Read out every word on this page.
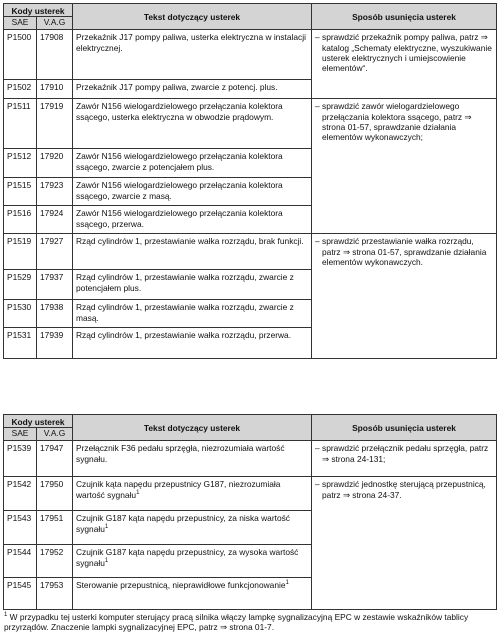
Kody usterek		Tekst dotyczący usterek	Sposób usunięcia usterek
SAE	V.A.G		
P1500	17908	Przekaźnik J17 pompy paliwa, usterka elektryczna w instalacji elektrycznej.	– sprawdzić przekaźnik pompy paliwa, patrz ⇒ katalog „Schematy elektryczne, wyszukiwanie usterek elektrycznych i umiejscowienie elementów“.

P1502	17910	Przekaźnik J17 pompy paliwa, zwarcie z potencj. plus.	
P1511	17919	Zawór N156 wielogardzielowego przełączania kolektora ssącego, usterka elektryczna w obwodzie prądowym.	– sprawdzić zawór wielogardzielowego przełączania kolektora ssącego, patrz ⇒ strona 01-57, sprawdzanie działania elementów wykonawczych;

P1512	17920	Zawór N156 wielogardzielowego przełączania kolektora ssącego, zwarcie z potencjałem plus.	
P1515	17923	Zawór N156 wielogardzielowego przełączania kolektora ssącego, zwarcie z masą.	
P1516	17924	Zawór N156 wielogardzielowego przełączania kolektora ssącego, przerwa.	
P1519	17927	Rząd cylindrów 1, przestawianie wałka rozrządu, brak funkcji.	– sprawdzić przestawianie wałka rozrządu, patrz ⇒ strona 01-57, sprawdzanie działania elementów wykonawczych.

P1529	17937	Rząd cylindrów 1, przestawianie wałka rozrządu, zwarcie z potencjałem plus.	
P1530	17938	Rząd cylindrów 1, przestawianie wałka rozrządu, zwarcie z masą.	
P1531	17939	Rząd cylindrów 1, przestawianie wałka rozrządu, przerwa.	
Kody usterek		Tekst dotyczący usterek	Sposób usunięcia usterek
SAE	V.A.G		
P1539	17947	Przełącznik F36 pedału sprzęgła, niezrozumiała wartość sygnału.	– sprawdzić przełącznik pedału sprzęgła, patrz ⇒ strona 24-131;

P1542	17950	Czujnik kąta napędu przepustnicy G187, niezrozumiała wartość sygnału$^1$	– sprawdzić jednostkę sterującą przepustnicą, patrz ⇒ strona 24-37.

P1543	17951	Czujnik G187 kąta napędu przepustnicy, za niska wartość sygnału$^1$	
P1544	17952	Czujnik G187 kąta napędu przepustnicy, za wysoka wartość sygnału$^1$	
P1545	17953	Sterowanie przepustnicą, nieprawidłowe funkcjonowanie$^1$	
$^1$ W przypadku tej usterki komputer sterujący pracą silnika włączy lampkę sygnalizacyjną EPC w zestawie wskaźników tablicy przyrządów. Znaczenie lampki sygnalizacyjnej EPC, patrz ⇒ strona 01-7.
